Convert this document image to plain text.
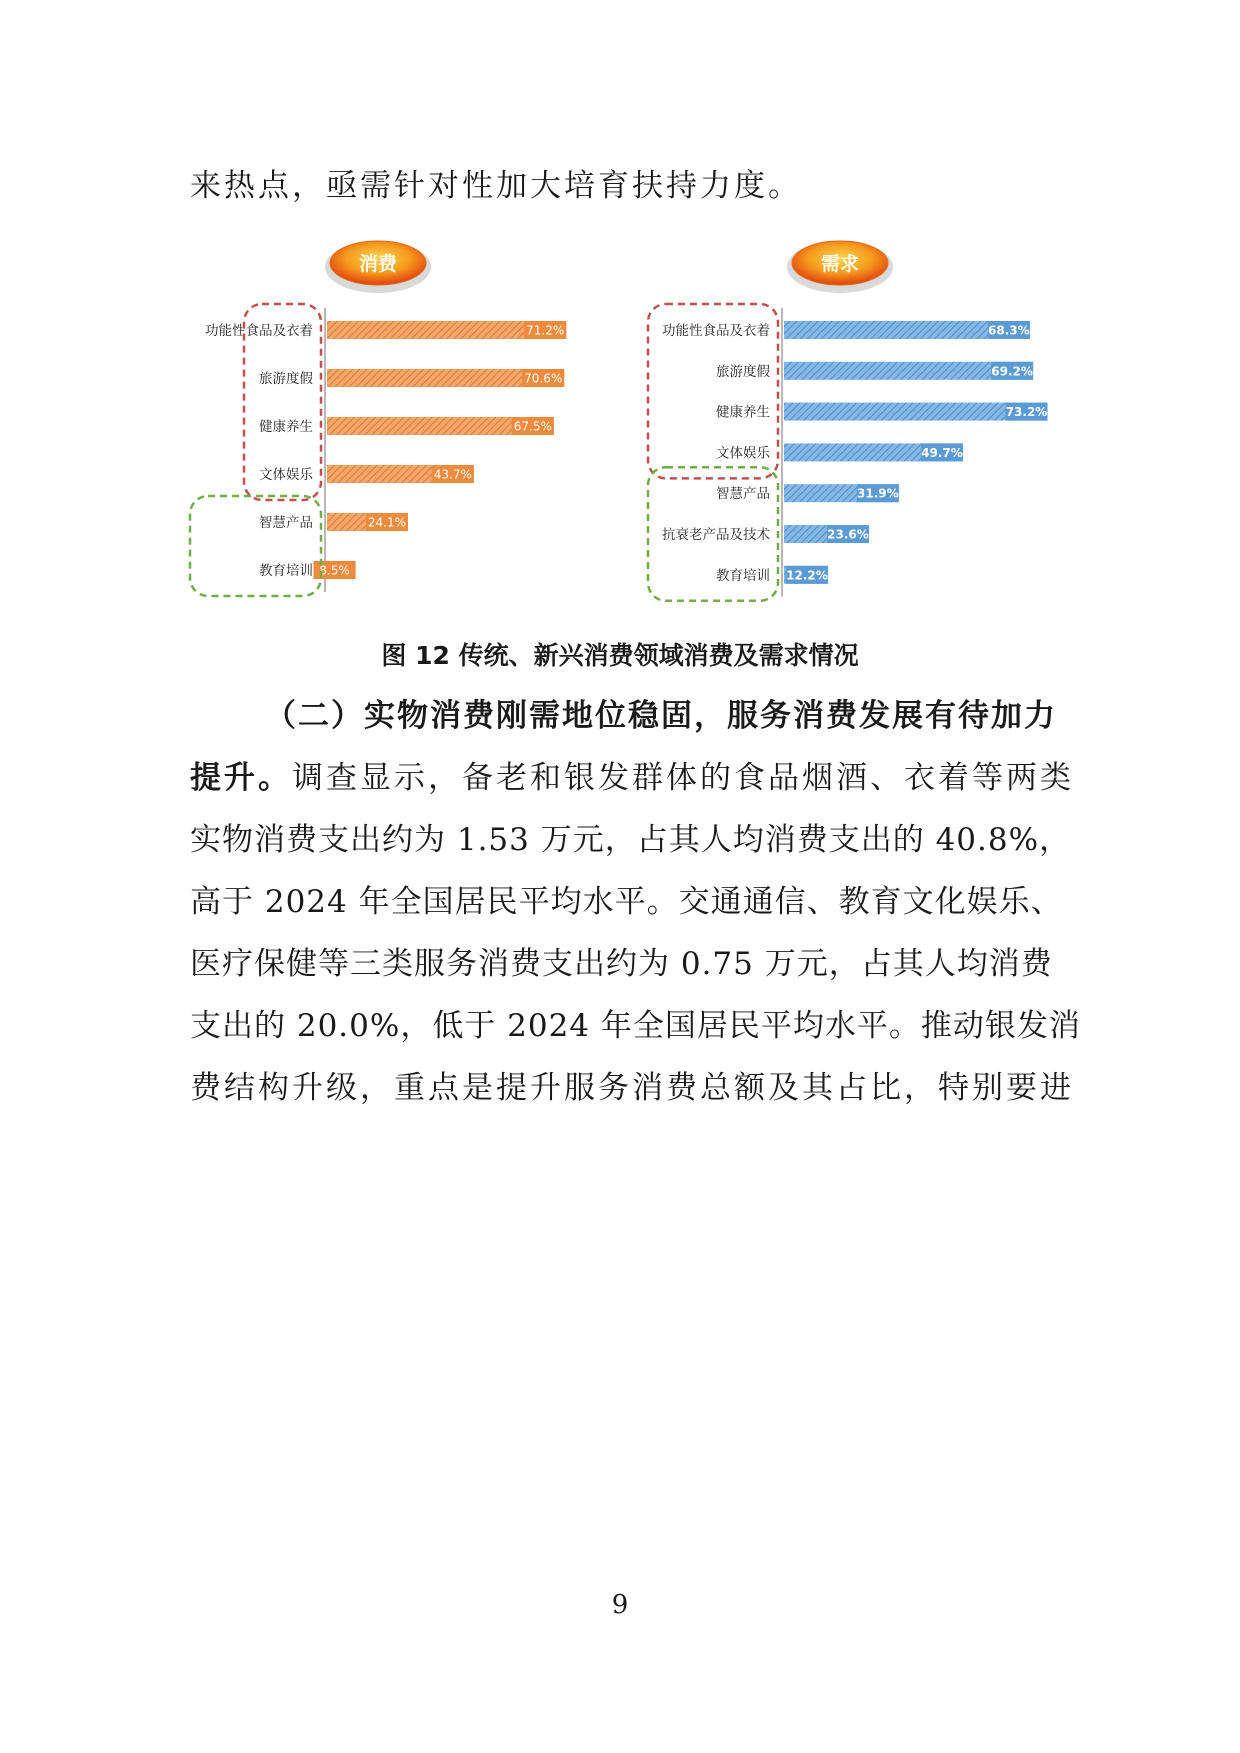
来热点，亟需针对性加大培育扶持力度。
消费
功能性食品及衣着	71.2%
旅游度假	70.6%
健康养生	67.5%
文体娱乐	43.7%
智慧产品	24.1%
教育培训 8.5%
需求
功能性食品及衣着	68.3%
旅游度假	69.2%
健康养生	73.2%
文体娱乐	49.7%
智慧产品	31.9%
抗衰老产品及技术	23.6%
教育培训 12.2%
图 12 传统、新兴消费领域消费及需求情况
（二）实物消费刚需地位稳固，服务消费发展有待加力
提升。调查显示，备老和银发群体的食品烟酒、衣着等两类
实物消费支出约为 1.53 万元，占其人均消费支出的 40.8%，
高于 2024 年全国居民平均水平。交通通信、教育文化娱乐、
医疗保健等三类服务消费支出约为 0.75 万元，占其人均消费
支出的 20.0%，低于 2024 年全国居民平均水平。推动银发消
费结构升级，重点是提升服务消费总额及其占比，特别要进
9
